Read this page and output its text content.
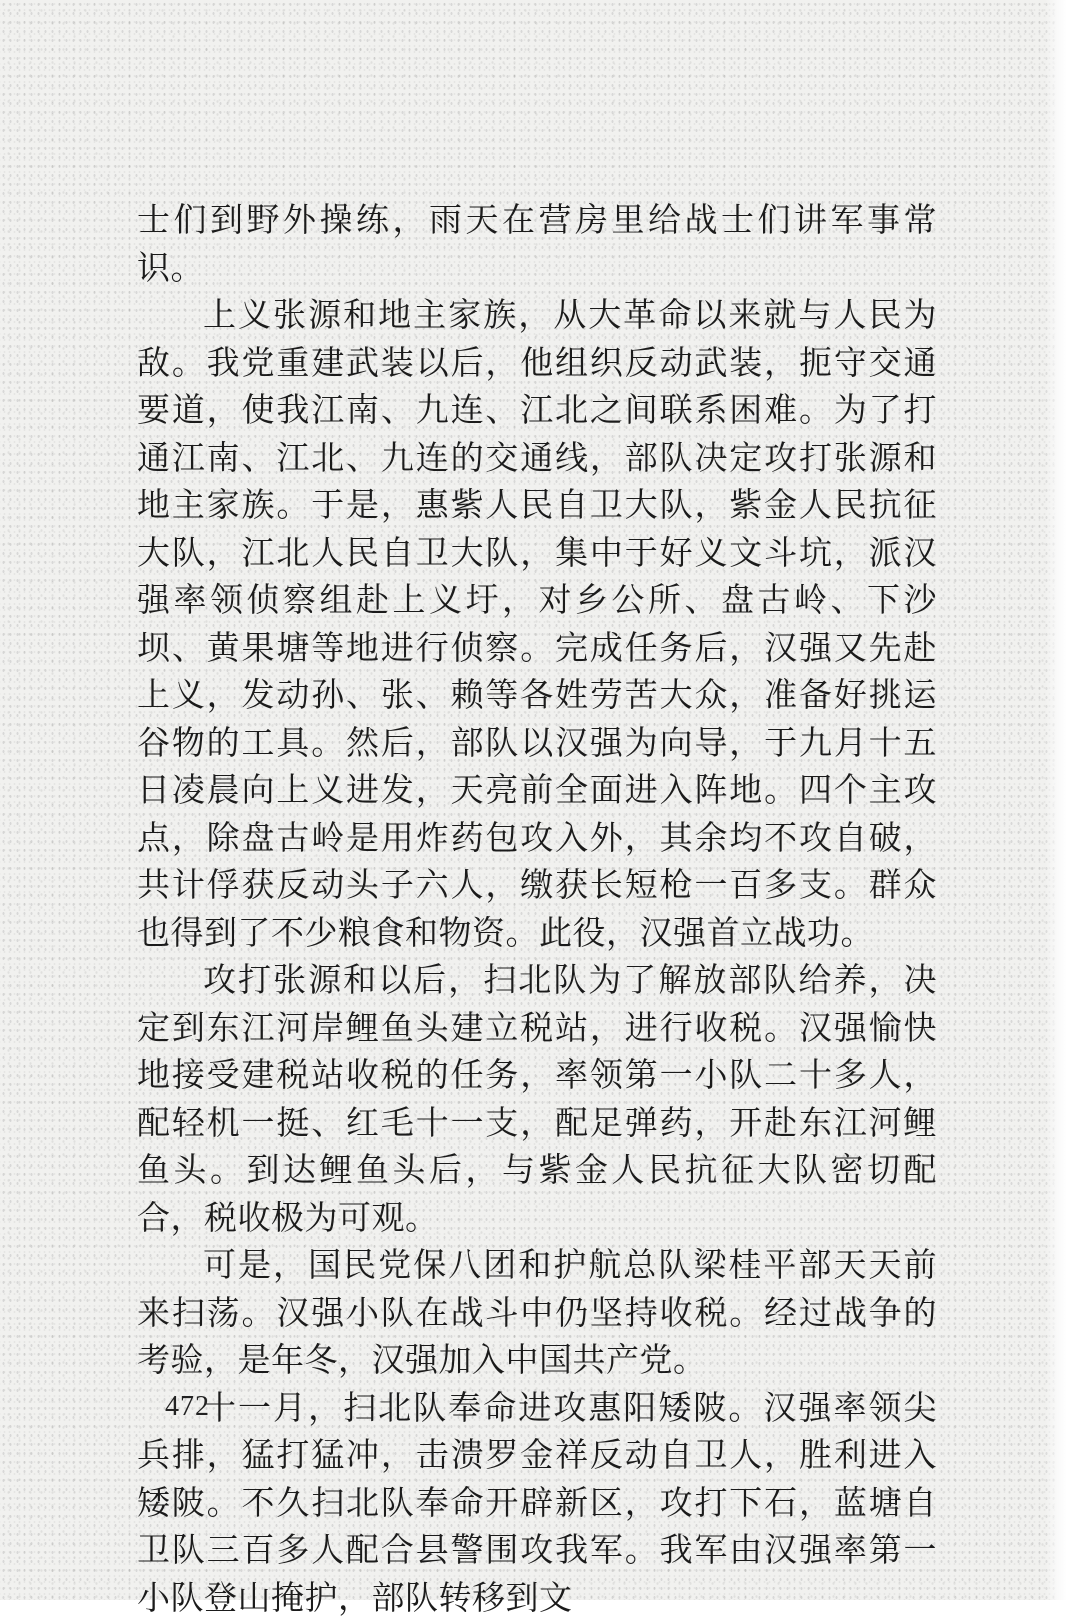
士们到野外操练，雨天在营房里给战士们讲军事常识。

上义张源和地主家族，从大革命以来就与人民为敌。我党重建武装以后，他组织反动武装，扼守交通要道，使我江南、九连、江北之间联系困难。为了打通江南、江北、九连的交通线，部队决定攻打张源和地主家族。于是，惠紫人民自卫大队，紫金人民抗征大队，江北人民自卫大队，集中于好义文斗坑，派汉强率领侦察组赴上义圩，对乡公所、盘古岭、下沙坝、黄果塘等地进行侦察。完成任务后，汉强又先赴上义，发动孙、张、赖等各姓劳苦大众，准备好挑运谷物的工具。然后，部队以汉强为向导，于九月十五日凌晨向上义进发，天亮前全面进入阵地。四个主攻点，除盘古岭是用炸药包攻入外，其余均不攻自破，共计俘获反动头子六人，缴获长短枪一百多支。群众也得到了不少粮食和物资。此役，汉强首立战功。

攻打张源和以后，扫北队为了解放部队给养，决定到东江河岸鲤鱼头建立税站，进行收税。汉强愉快地接受建税站收税的任务，率领第一小队二十多人，配轻机一挺、红毛十一支，配足弹药，开赴东江河鲤鱼头。到达鲤鱼头后，与紫金人民抗征大队密切配合，税收极为可观。

可是，国民党保八团和护航总队梁桂平部天天前来扫荡。汉强小队在战斗中仍坚持收税。经过战争的考验，是年冬，汉强加入中国共产党。

十一月，扫北队奉命进攻惠阳矮陂。汉强率领尖兵排，猛打猛冲，击溃罗金祥反动自卫人，胜利进入矮陂。不久扫北队奉命开辟新区，攻打下石，蓝塘自卫队三百多人配合县警围攻我军。我军由汉强率第一小队登山掩护，部队转移到文

472
